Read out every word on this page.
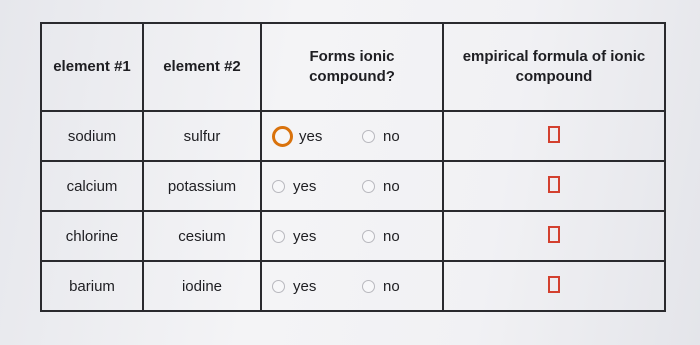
element #1	element #2	Forms ionic compound?	empirical formula of ionic compound
sodium	sulfur	yes no	

calcium	potassium	yes no	

chlorine	cesium	yes no	

barium	iodine	yes no	
